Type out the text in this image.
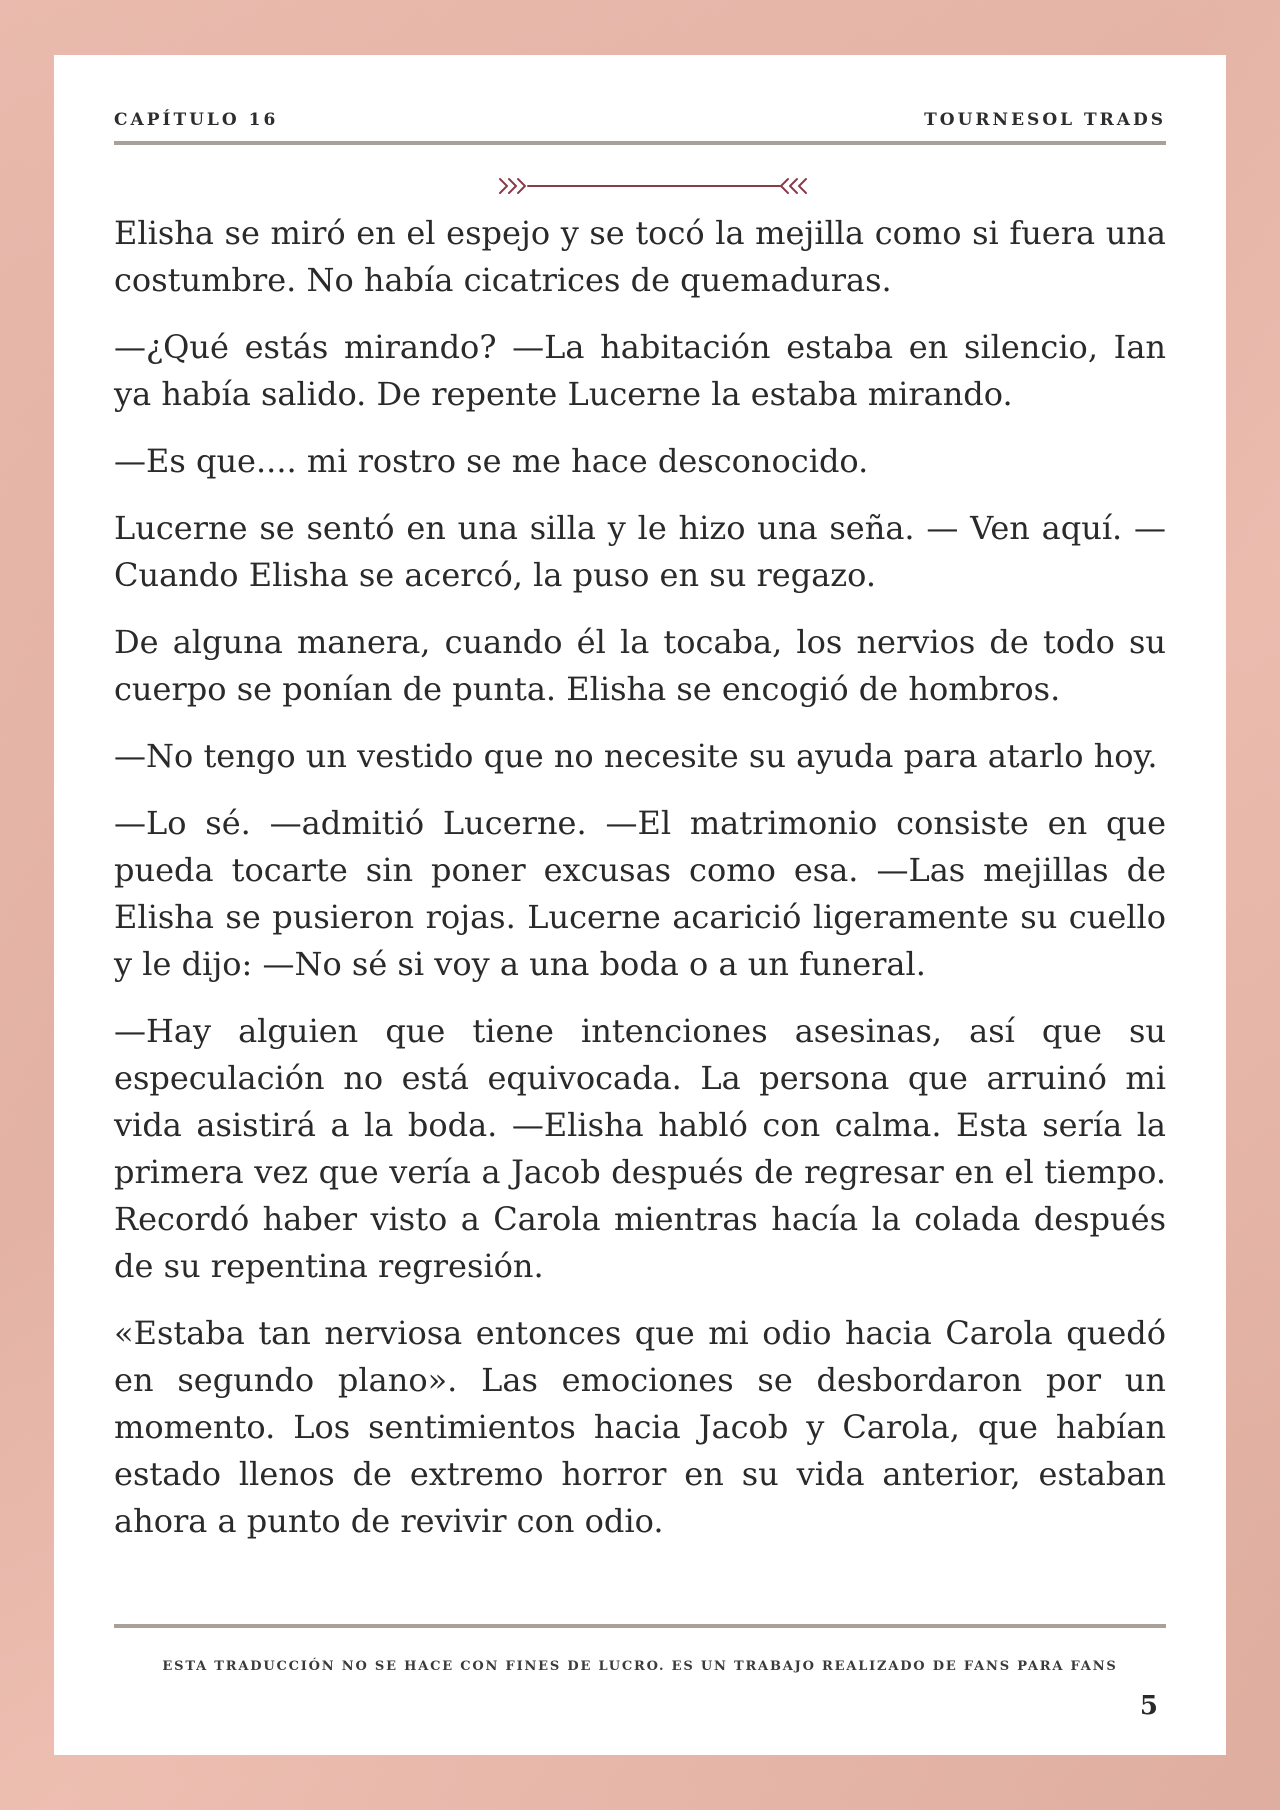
CAPÍTULO 16	TOURNESOL TRADS

Elisha se miró en el espejo y se tocó la mejilla como si fuera una costumbre. No había cicatrices de quemaduras.

—¿Qué estás mirando? —La habitación estaba en silencio, Ian ya había salido. De repente Lucerne la estaba mirando.

—Es que.... mi rostro se me hace desconocido.

Lucerne se sentó en una silla y le hizo una seña. — Ven aquí. —Cuando Elisha se acercó, la puso en su regazo.

De alguna manera, cuando él la tocaba, los nervios de todo su cuerpo se ponían de punta. Elisha se encogió de hombros.

—No tengo un vestido que no necesite su ayuda para atarlo hoy.

—Lo sé. —admitió Lucerne. —El matrimonio consiste en que pueda tocarte sin poner excusas como esa. —Las mejillas de Elisha se pusieron rojas. Lucerne acarició ligeramente su cuello y le dijo: —No sé si voy a una boda o a un funeral.

—Hay alguien que tiene intenciones asesinas, así que su especulación no está equivocada. La persona que arruinó mi vida asistirá a la boda. —Elisha habló con calma. Esta sería la primera vez que vería a Jacob después de regresar en el tiempo. Recordó haber visto a Carola mientras hacía la colada después de su repentina regresión.

«Estaba tan nerviosa entonces que mi odio hacia Carola quedó en segundo plano». Las emociones se desbordaron por un momento. Los sentimientos hacia Jacob y Carola, que habían estado llenos de extremo horror en su vida anterior, estaban ahora a punto de revivir con odio.

ESTA TRADUCCIÓN NO SE HACE CON FINES DE LUCRO. ES UN TRABAJO REALIZADO DE FANS PARA FANS
5
